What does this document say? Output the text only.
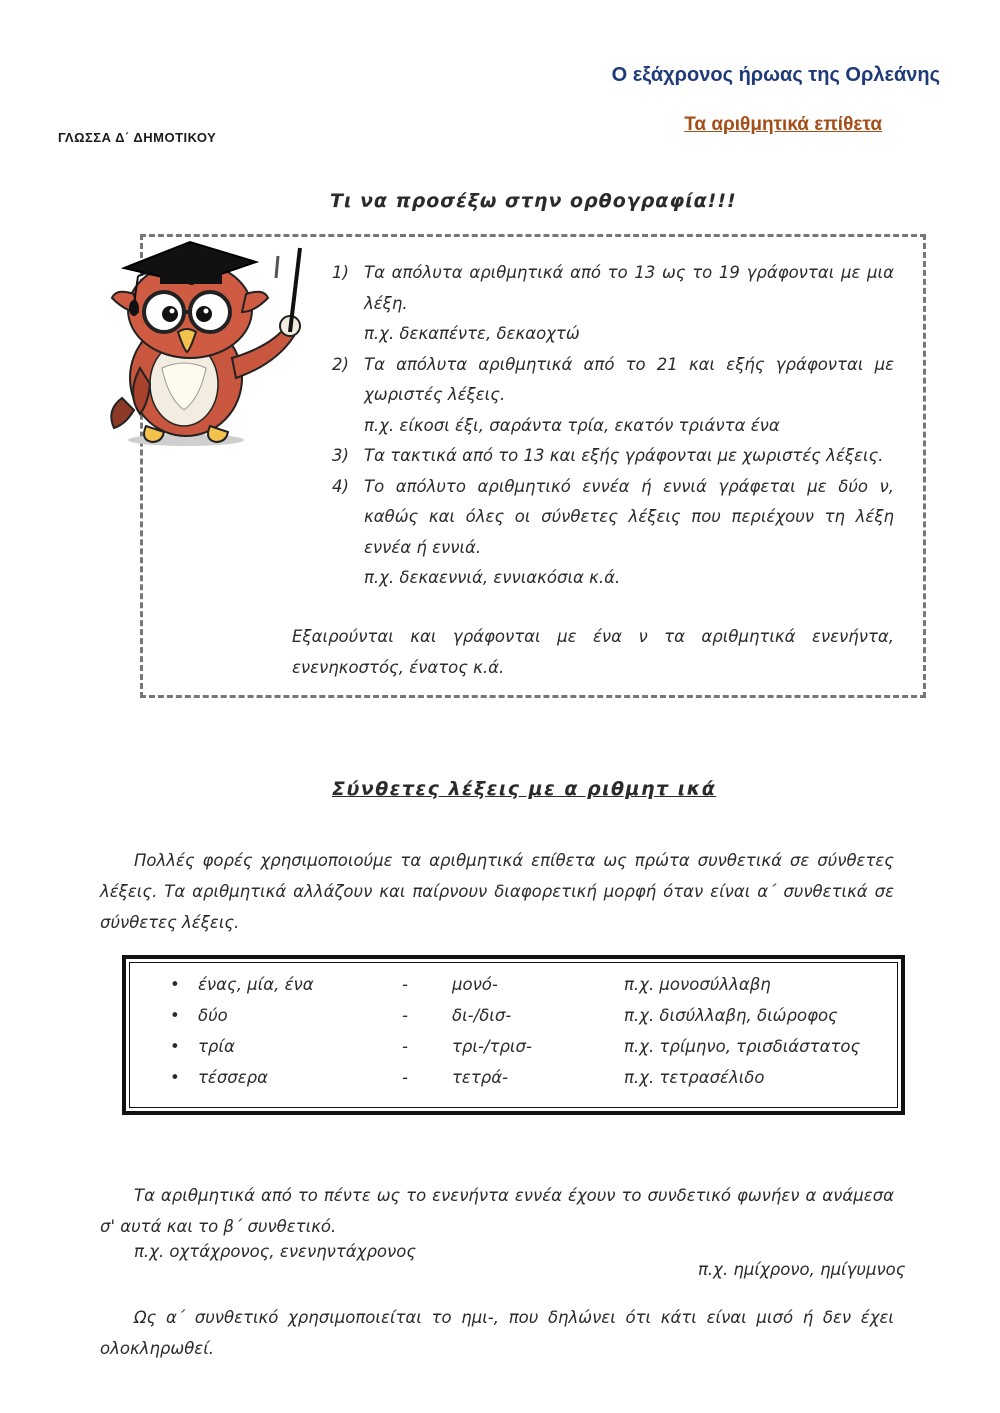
Ο εξάχρονος ήρωας της Ορλεάνης
Τα αριθμητικά επίθετα
ΓΛΩΣΣΑ Δ΄ ΔΗΜΟΤΙΚΟΥ
Τι να προσέξω στην ορθογραφία!!!
1) Τα απόλυτα αριθμητικά από το 13 ως το 19 γράφονται με μια λέξη.
π.χ. δεκαπέντε, δεκαοχτώ
2) Τα απόλυτα αριθμητικά από το 21 και εξής γράφονται με χωριστές λέξεις.
π.χ. είκοσι έξι, σαράντα τρία, εκατόν τριάντα ένα
3) Τα τακτικά από το 13 και εξής γράφονται με χωριστές λέξεις.
4) Το απόλυτο αριθμητικό εννέα ή εννιά γράφεται με δύο ν, καθώς και όλες οι σύνθετες λέξεις που περιέχουν τη λέξη εννέα ή εννιά.
π.χ. δεκαεννιά, εννιακόσια κ.ά.
Εξαιρούνται και γράφονται με ένα ν τα αριθμητικά ενενήντα, ενενηκοστός, ένατος κ.ά.
Σύνθετες λέξεις με α ριθμητ ικά
Πολλές φορές χρησιμοποιούμε τα αριθμητικά επίθετα ως πρώτα συνθετικά σε σύνθετες λέξεις. Τα αριθμητικά αλλάζουν και παίρνουν διαφορετική μορφή όταν είναι α΄ συνθετικά σε σύνθετες λέξεις.
• ένας, μία, ένα	-	μονό-	π.χ. μονοσύλλαβη
• δύο	-	δι-/δισ-	π.χ. δισύλλαβη, διώροφος
• τρία	-	τρι-/τρισ-	π.χ. τρίμηνο, τρισδιάστατος
• τέσσερα	-	τετρά-	π.χ. τετρασέλιδο
Τα αριθμητικά από το πέντε ως το ενενήντα εννέα έχουν το συνδετικό φωνήεν α ανάμεσα σ' αυτά και το β΄ συνθετικό.
π.χ. οχτάχρονος, ενενηντάχρονος
π.χ. ημίχρονο, ημίγυμνος
Ως α΄ συνθετικό χρησιμοποιείται το ημι-, που δηλώνει ότι κάτι είναι μισό ή δεν έχει ολοκληρωθεί.
